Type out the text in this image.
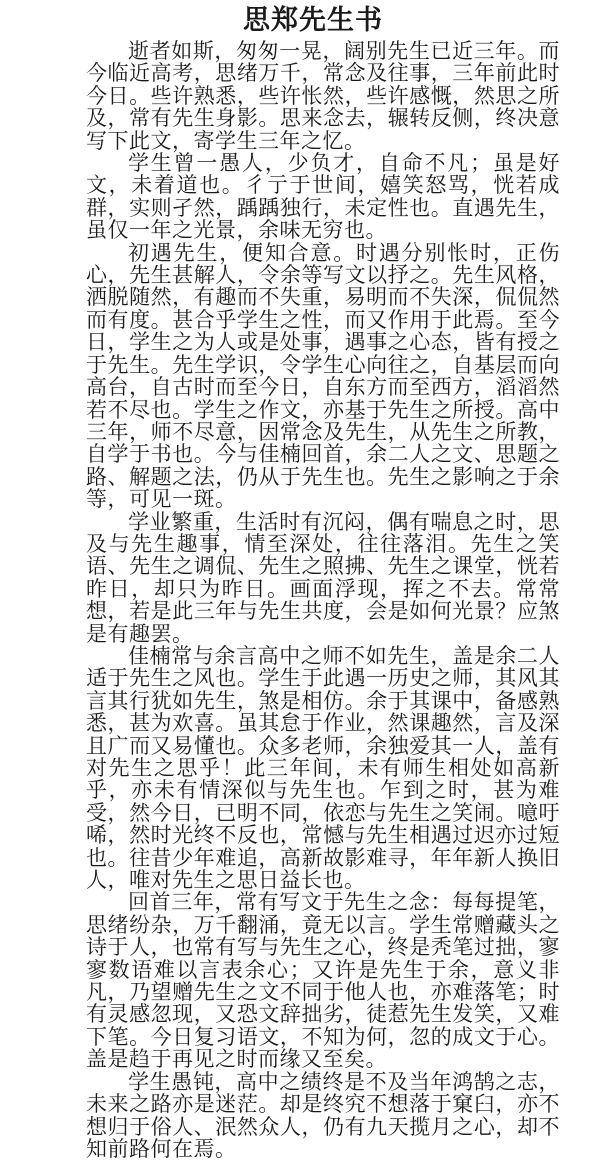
思郑先生书

逝者如斯，匆匆一晃，阔别先生已近三年。而今临近高考，思绪万千，常念及往事，三年前此时今日。些许熟悉，些许怅然，些许感慨，然思之所及，常有先生身影。思来念去，辗转反侧，终决意写下此文，寄学生三年之忆。

学生曾一愚人，少负才，自命不凡；虽是好文，未着道也。彳亍于世间，嬉笑怒骂，恍若成群，实则孑然，踽踽独行，未定性也。直遇先生，虽仅一年之光景，余味无穷也。

初遇先生，便知合意。时遇分别怅时，正伤心，先生甚解人，令余等写文以抒之。先生风格，洒脱随然，有趣而不失重，易明而不失深，侃侃然而有度。甚合乎学生之性，而又作用于此焉。至今日，学生之为人或是处事，遇事之心态，皆有授之于先生。先生学识，令学生心向往之，自基层而向高台，自古时而至今日，自东方而至西方，滔滔然若不尽也。学生之作文，亦基于先生之所授。高中三年，师不尽意，因常念及先生，从先生之所教，自学于书也。今与佳楠回首，余二人之文、思题之路、解题之法，仍从于先生也。先生之影响之于余等，可见一斑。

学业繁重，生活时有沉闷，偶有喘息之时，思及与先生趣事，情至深处，往往落泪。先生之笑语、先生之调侃、先生之照拂、先生之课堂，恍若昨日，却只为昨日。画面浮现，挥之不去。常常想，若是此三年与先生共度，会是如何光景？应煞是有趣罢。

佳楠常与余言高中之师不如先生，盖是余二人适于先生之风也。学生于此遇一历史之师，其风其言其行犹如先生，煞是相仿。余于其课中，备感熟悉，甚为欢喜。虽其怠于作业，然课趣然，言及深且广而又易懂也。众多老师，余独爱其一人，盖有对先生之思乎！此三年间，未有师生相处如高新乎，亦未有情深似与先生也。乍到之时，甚为难受，然今日，已明不同，依恋与先生之笑闹。噫吁唏，然时光终不反也，常憾与先生相遇过迟亦过短也。往昔少年难追，高新故影难寻，年年新人换旧人，唯对先生之思日益长也。

回首三年，常有写文于先生之念：每每提笔，思绪纷杂，万千翻涌，竟无以言。学生常赠藏头之诗于人，也常有写与先生之心，终是秃笔过拙，寥寥数语难以言表余心；又许是先生于余，意义非凡，乃望赠先生之文不同于他人也，亦难落笔；时有灵感忽现，又恐文辞拙劣，徒惹先生发笑，又难下笔。今日复习语文，不知为何，忽的成文于心。盖是趋于再见之时而缘又至矣。

学生愚钝，高中之绩终是不及当年鸿鹄之志，未来之路亦是迷茫。却是终究不想落于窠臼，亦不想归于俗人、泯然众人，仍有九天揽月之心，却不知前路何在焉。
